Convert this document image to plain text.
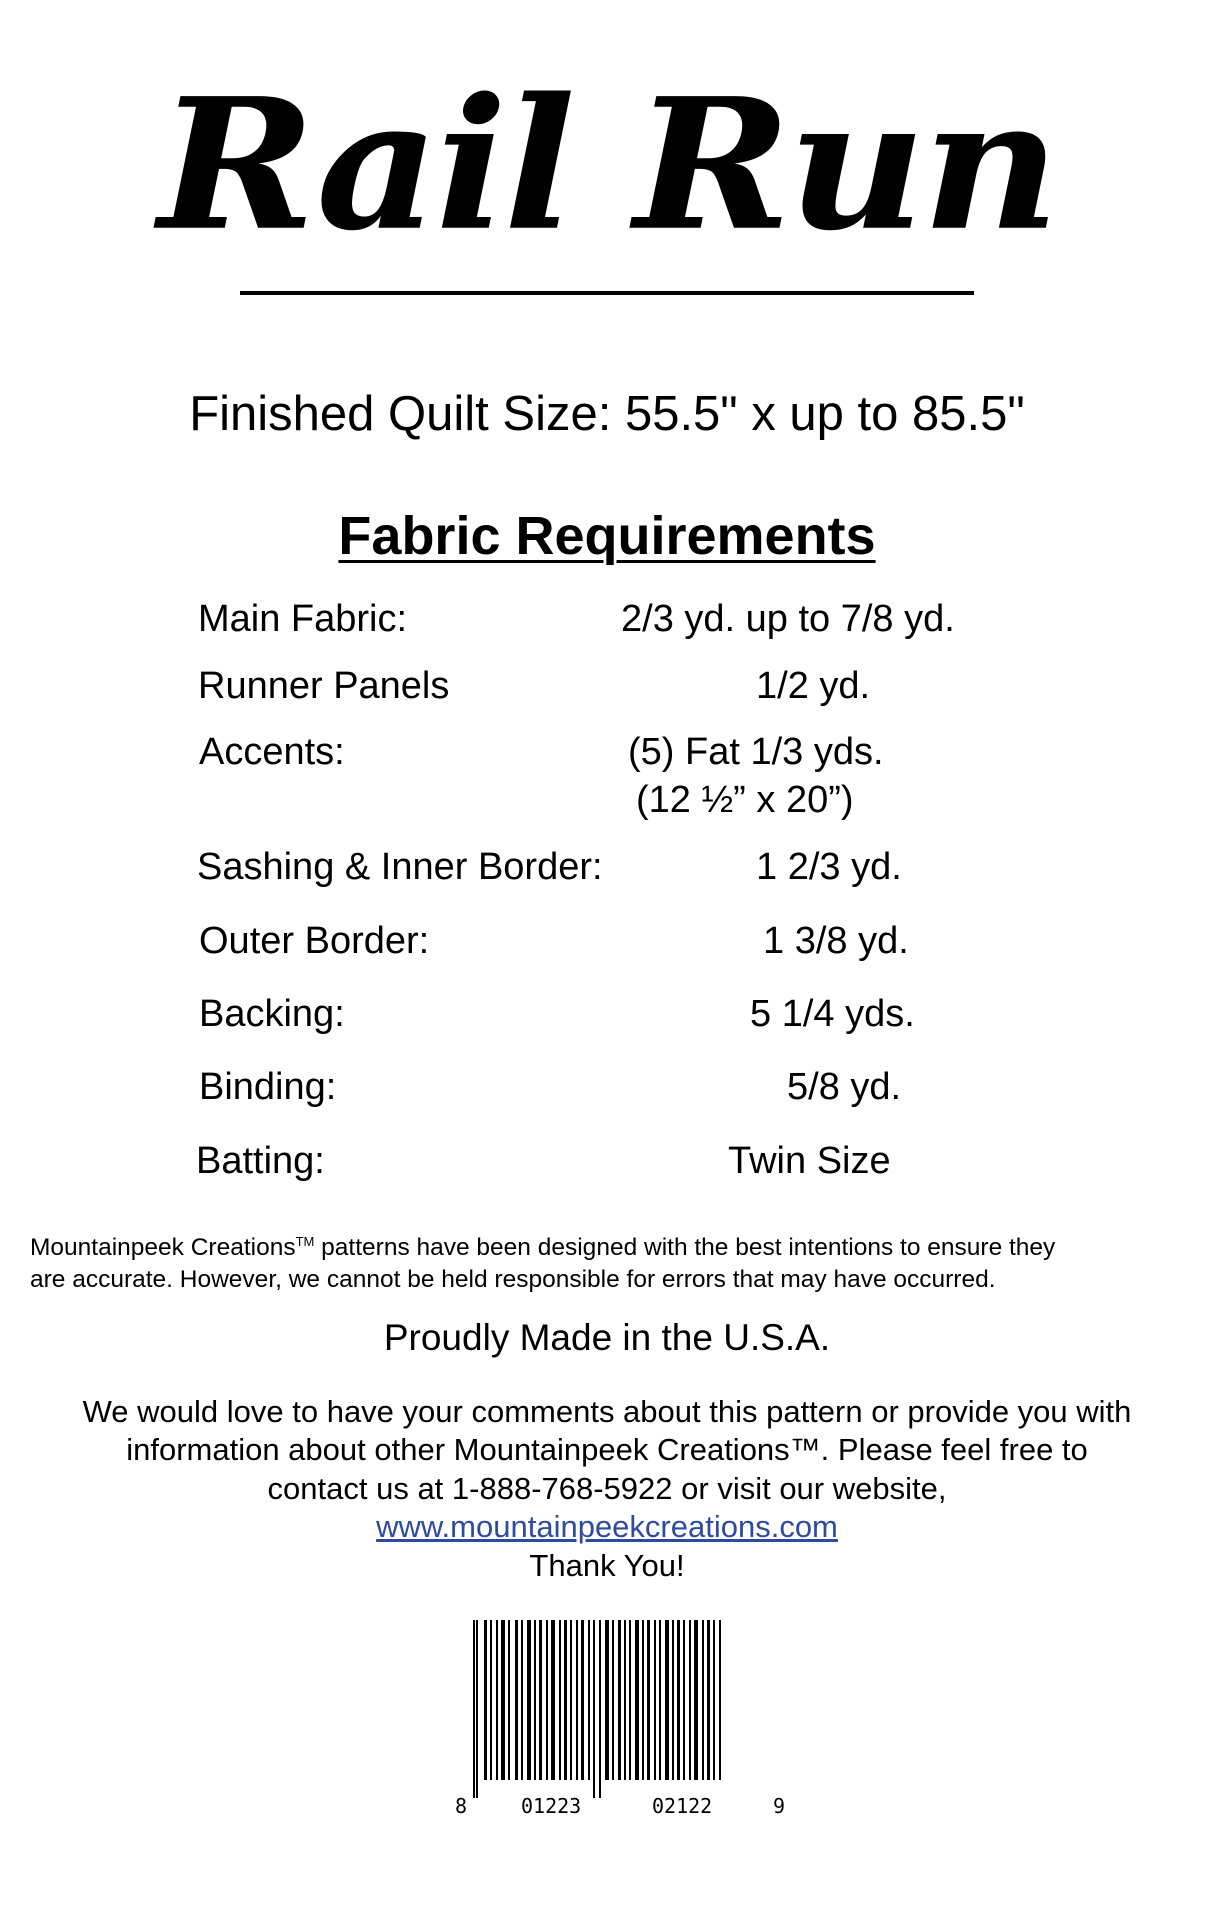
Rail Run
Finished Quilt Size: 55.5" x up to 85.5"
Fabric Requirements
Main Fabric:	2/3 yd. up to 7/8 yd.
Runner Panels	1/2 yd.
Accents:	(5) Fat 1/3 yds.
(12 ½” x 20”)
Sashing & Inner Border:	1 2/3 yd.
Outer Border:	1 3/8 yd.
Backing:	5 1/4 yds.
Binding:	5/8 yd.
Batting:	Twin Size
Mountainpeek Creations™ patterns have been designed with the best intentions to ensure they
are accurate. However, we cannot be held responsible for errors that may have occurred.
Proudly Made in the U.S.A.
We would love to have your comments about this pattern or provide you with
information about other Mountainpeek Creations™. Please feel free to
contact us at 1-888-768-5922 or visit our website,
www.mountainpeekcreations.com
Thank You!
8	01223	02122	9
